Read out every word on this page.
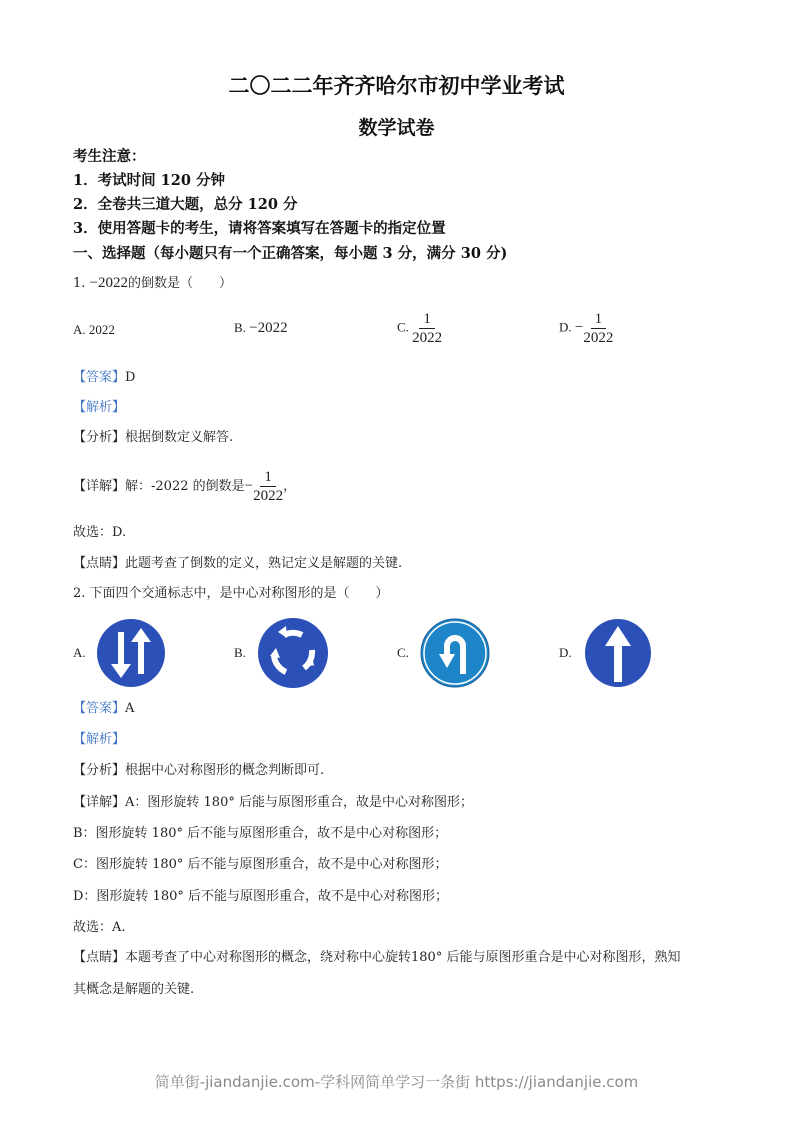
二〇二二年齐齐哈尔市初中学业考试
数学试卷
考生注意：
1．考试时间 120 分钟
2．全卷共三道大题，总分 120 分
3．使用答题卡的考生，请将答案填写在答题卡的指定位置
一、选择题（每小题只有一个正确答案，每小题 3 分，满分 30 分)
1. −2022的倒数是（　　）
A. 2022	B. −2022	C. $\frac{1}{2022}$	D. − $\frac{1}{2022}$
【答案】D
【解析】
【分析】根据倒数定义解答.
【详解】解：-2022 的倒数是− $\frac{1}{2022}$ ，
故选：D.
【点睛】此题考查了倒数的定义，熟记定义是解题的关键.
2. 下面四个交通标志中，是中心对称图形的是（　　）
A.	B.	C.	D.
【答案】A
【解析】
【分析】根据中心对称图形的概念判断即可.
【详解】A：图形旋转 180° 后能与原图形重合，故是中心对称图形；
B：图形旋转 180° 后不能与原图形重合，故不是中心对称图形；
C：图形旋转 180° 后不能与原图形重合，故不是中心对称图形；
D：图形旋转 180° 后不能与原图形重合，故不是中心对称图形；
故选：A.
【点睛】本题考查了中心对称图形的概念，绕对称中心旋转180° 后能与原图形重合是中心对称图形，熟知
其概念是解题的关键.
简单街-jiandanjie.com-学科网简单学习一条街 https://jiandanjie.com
